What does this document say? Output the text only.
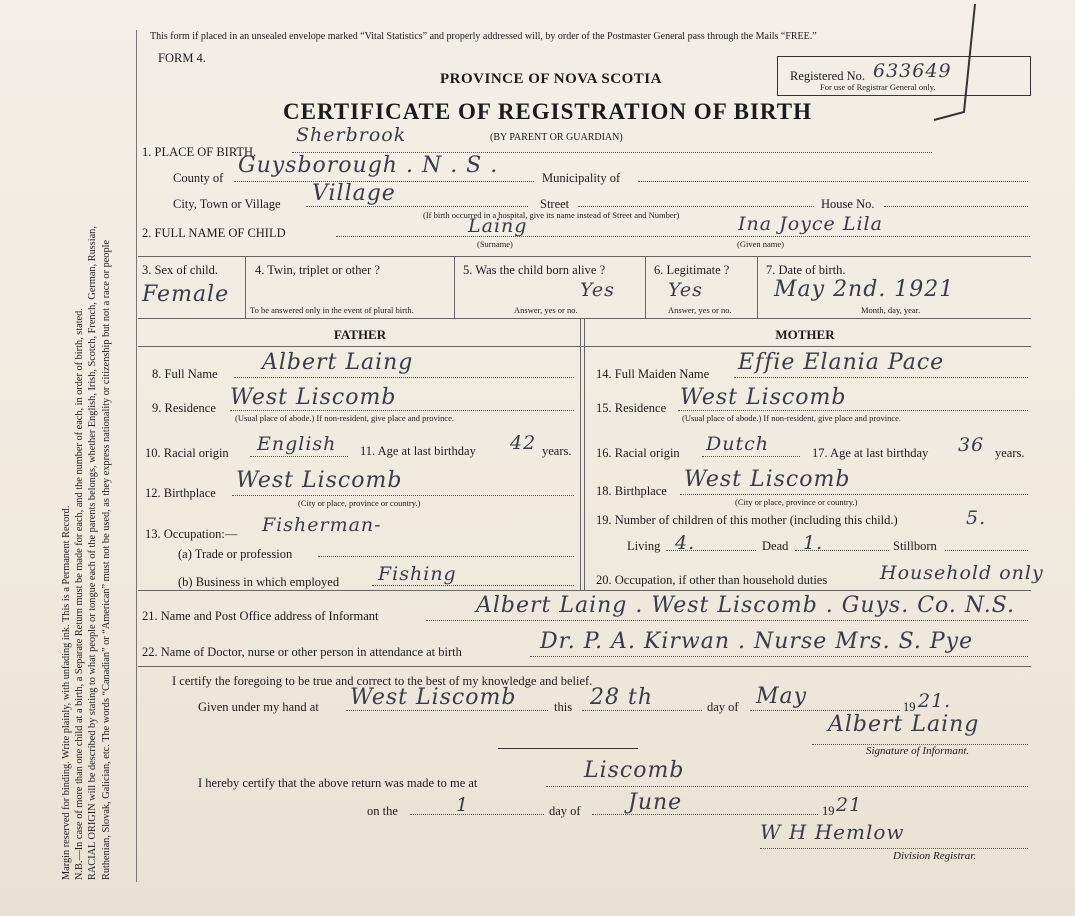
Margin reserved for binding. Write plainly, with unfading ink. This is a Permanent Record. N.B.—In case of more than one child at a birth, a Separate Return must be made for each, and the number of each, in order of birth, stated. RACIAL ORIGIN will be described by stating to what people or tongue each of the parents belongs, whether English, Irish, Scotch, French, German, Russian, Ruthenian, Slovak, Galician, etc. The words “Canadian” or “American” must not be used, as they express nationality or citizenship but not a race or people
This form if placed in an unsealed envelope marked “Vital Statistics” and properly addressed will, by order of the Postmaster General pass through the Mails “FREE.”
FORM 4.
PROVINCE OF NOVA SCOTIA
CERTIFICATE OF REGISTRATION OF BIRTH
(BY PARENT OR GUARDIAN)
Registered No. 633649
For use of Registrar General only.
1. PLACE OF BIRTH.
Sherbrook
County of Guysborough . N . S .	Municipality of
City, Town or Village Village	Street	House No.
(If birth occurred in a hospital, give its name instead of Street and Number)
2. FULL NAME OF CHILD	Laing
(Surname)
Ina Joyce Lila
(Given name)
3. Sex of child.
Female
4. Twin, triplet or other ?
To be answered only in the event of plural birth.
5. Was the child born alive ?
Yes
Answer, yes or no.
6. Legitimate ?
Yes
Answer, yes or no.
7. Date of birth.
May 2nd. 1921
Month, day, year.
FATHER	MOTHER
8. Full Name Albert Laing
9. Residence West Liscomb
(Usual place of abode.) If non-resident, give place and province.
10. Racial origin English 11. Age at last birthday 42 years.
12. Birthplace West Liscomb
(City or place, province or country.)
13. Occupation:— Fisherman-
(a) Trade or profession
(b) Business in which employed Fishing
14. Full Maiden Name Effie Elania Pace
15. Residence West Liscomb
(Usual place of abode.) If non-resident, give place and province.
16. Racial origin Dutch	17. Age at last birthday 36 years.
18. Birthplace West Liscomb
(City or place, province or country.)
19. Number of children of this mother (including this child.)	5.
Living 4.	Dead 1.	Stillborn
20. Occupation, if other than household duties	Household only
21. Name and Post Office address of Informant	Albert Laing . West Liscomb . Guys. Co. N.S.
22. Name of Doctor, nurse or other person in attendance at birth	Dr. P. A. Kirwan . Nurse Mrs. S. Pye
I certify the foregoing to be true and correct to the best of my knowledge and belief.
Given under my hand at West Liscomb	this 28 th	day of May	19 21.
Albert Laing
Signature of Informant.
I hereby certify that the above return was made to me at	Liscomb
on the	1	day of June	19 21
W H Hemlow
Division Registrar.
